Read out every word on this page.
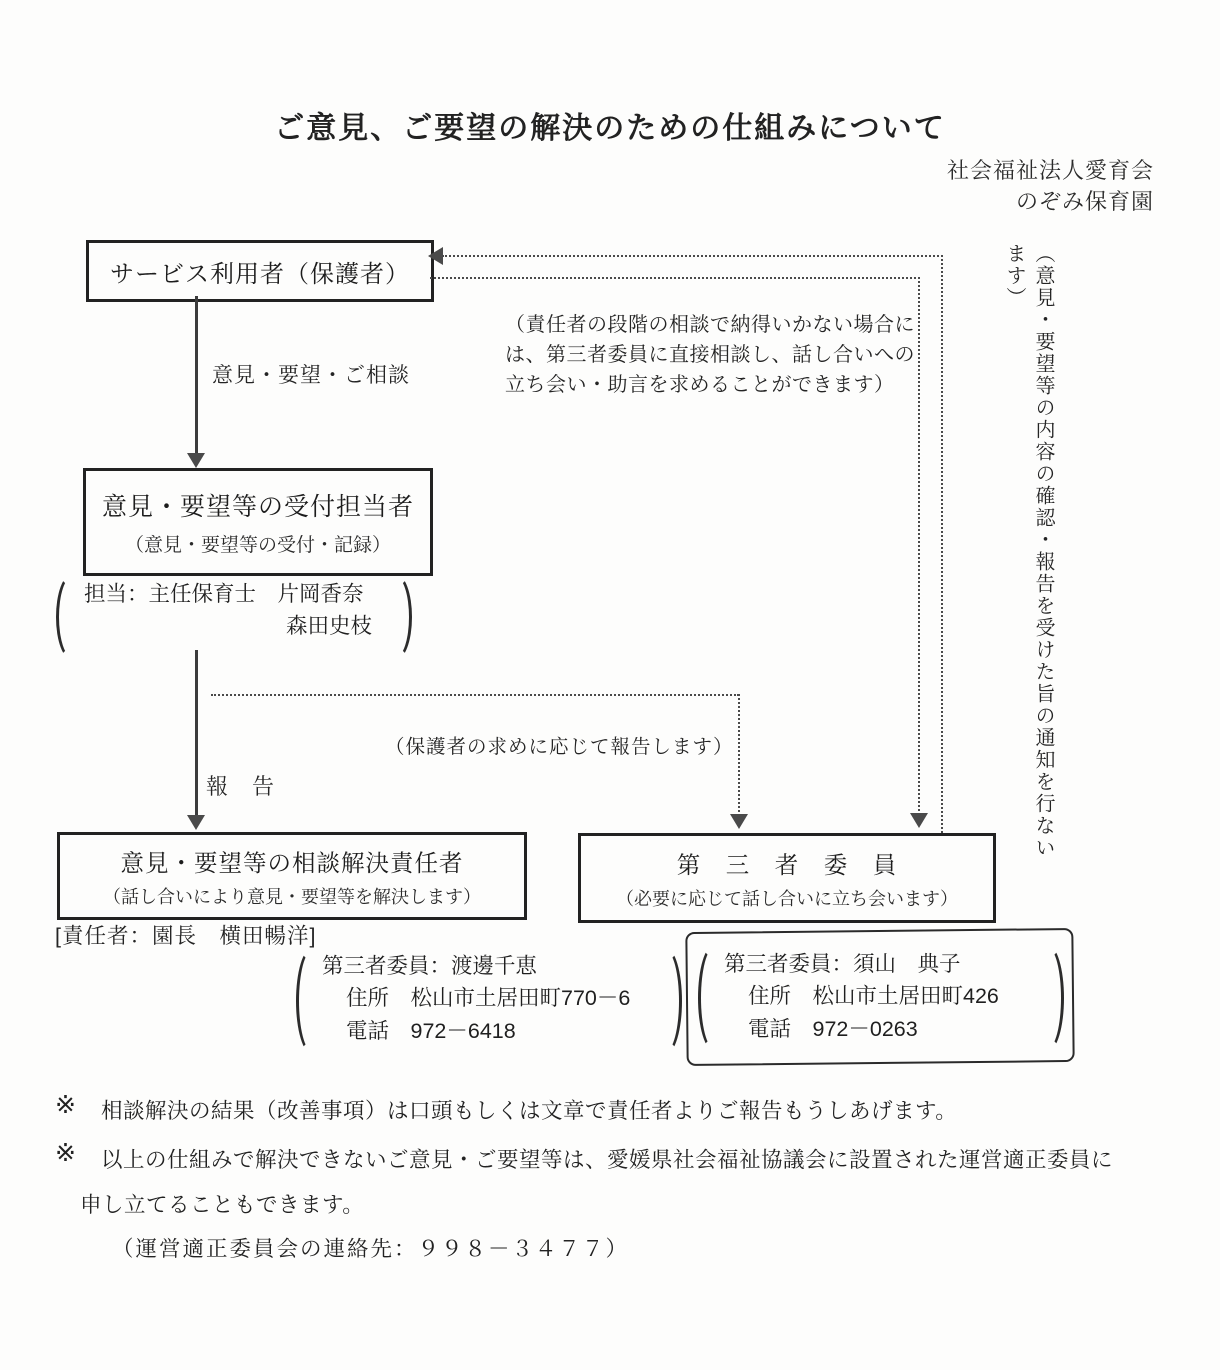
ご意見、ご要望の解決のための仕組みについて
社会福祉法人愛育会
のぞみ保育園
サービス利用者（保護者）
意見・要望・ご相談
意見・要望等の受付担当者
（意見・要望等の受付・記録）
担当：主任保育士　片岡香奈
森田史枝
報　告
（保護者の求めに応じて報告します）
意見・要望等の相談解決責任者
（話し合いにより意見・要望等を解決します）
[責任者：園長　横田暢洋]
第　三　者　委　員
（必要に応じて話し合いに立ち会います）
（責任者の段階の相談で納得いかない場合に
は、第三者委員に直接相談し、話し合いへの
立ち会い・助言を求めることができます）	（意見・要望等の内容の確認・報告を受けた旨の通知を行ないます）
第三者委員：渡邊千恵
住所　松山市土居田町770－6
電話　972－6418
第三者委員：須山　典子
住所　松山市土居田町426
電話　972－0263
※ 相談解決の結果（改善事項）は口頭もしくは文章で責任者よりご報告もうしあげます。
※ 以上の仕組みで解決できないご意見・ご要望等は、愛媛県社会福祉協議会に設置された運営適正委員に
申し立てることもできます。
（運営適正委員会の連絡先：９９８－３４７７）
